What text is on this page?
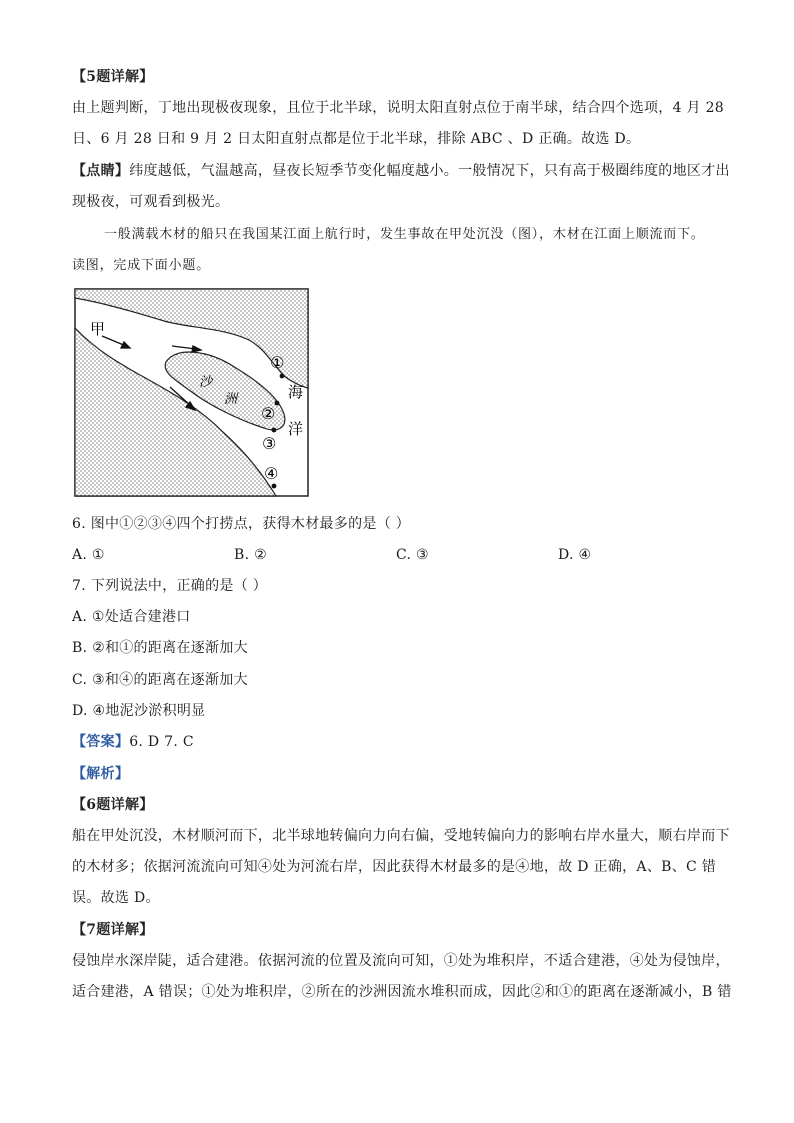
【5题详解】
由上题判断，丁地出现极夜现象，且位于北半球，说明太阳直射点位于南半球，结合四个选项，4 月 28
日、6 月 28 日和 9 月 2 日太阳直射点都是位于北半球，排除 ABC 、D 正确。故选 D。
【点睛】纬度越低，气温越高，昼夜长短季节变化幅度越小。一般情况下，只有高于极圈纬度的地区才出
现极夜，可观看到极光。
一般满载木材的船只在我国某江面上航行时，发生事故在甲处沉没（图），木材在江面上顺流而下。
读图，完成下面小题。
甲
沙
洲	海
洋
①
②
③
④
6. 图中①②③④四个打捞点，获得木材最多的是（ ）
A. ①	B. ②	C. ③	D. ④
7. 下列说法中，正确的是（ ）
A. ①处适合建港口
B. ②和①的距离在逐渐加大
C. ③和④的距离在逐渐加大
D. ④地泥沙淤积明显
【答案】6. D 7. C
【解析】
【6题详解】
船在甲处沉没，木材顺河而下，北半球地转偏向力向右偏，受地转偏向力的影响右岸水量大，顺右岸而下
的木材多；依据河流流向可知④处为河流右岸，因此获得木材最多的是④地，故 D 正确，A、B、C 错
误。故选 D。
【7题详解】
侵蚀岸水深岸陡，适合建港。依据河流的位置及流向可知，①处为堆积岸，不适合建港，④处为侵蚀岸，
适合建港，A 错误；①处为堆积岸，②所在的沙洲因流水堆积而成，因此②和①的距离在逐渐减小，B 错
